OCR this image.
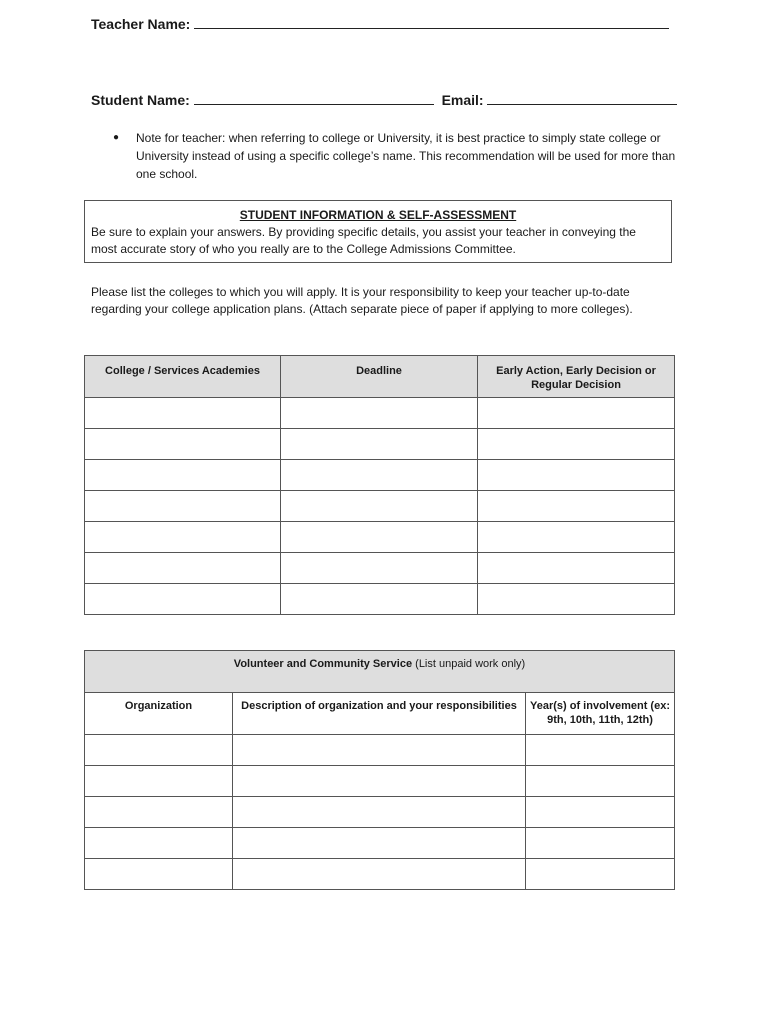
Teacher Name:
Student Name:	Email:
● Note for teacher: when referring to college or University, it is best practice to simply state college or University instead of using a specific college’s name. This recommendation will be used for more than one school.
STUDENT INFORMATION & SELF-ASSESSMENT
Be sure to explain your answers. By providing specific details, you assist your teacher in conveying the most accurate story of who you really are to the College Admissions Committee.
Please list the colleges to which you will apply. It is your responsibility to keep your teacher up-to-date regarding your college application plans. (Attach separate piece of paper if applying to more colleges).
College / Services Academies	Deadline	Early Action, Early Decision or Regular Decision

Volunteer and Community Service (List unpaid work only)		
Organization	Description of organization and your responsibilities	Year(s) of involvement (ex: 9th, 10th, 11th, 12th)
